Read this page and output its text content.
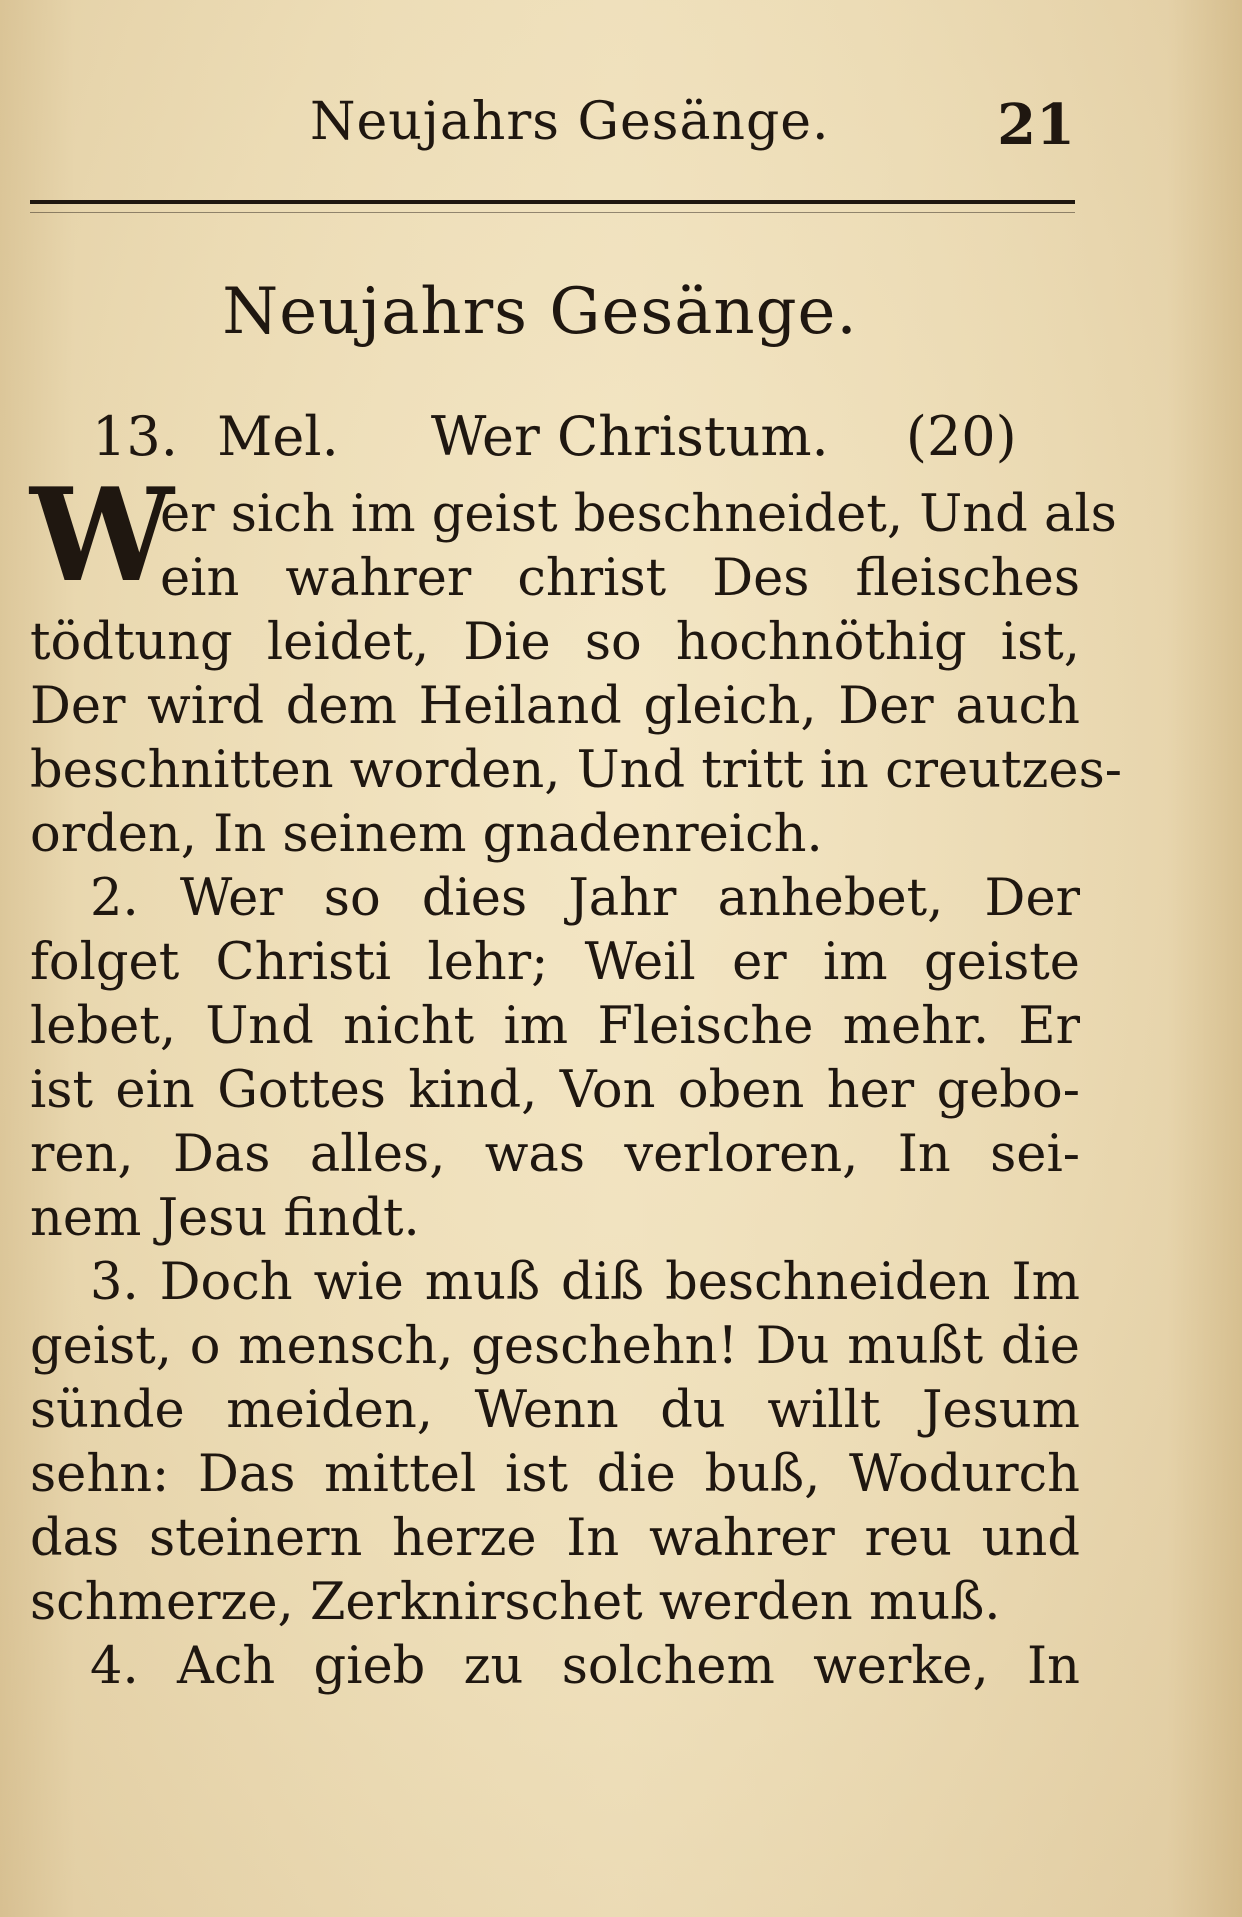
Neujahrs Gesänge.	21
Neujahrs Gesänge.
13. Mel. Wer Christum. (20)
W
er sich im geist beschneidet, Und als
ein wahrer christ Des fleisches
tödtung leidet, Die so hochnöthig ist,
Der wird dem Heiland gleich, Der auch
beschnitten worden, Und tritt in creutzes-
orden, In seinem gnadenreich.
2. Wer so dies Jahr anhebet, Der
folget Christi lehr; Weil er im geiste
lebet, Und nicht im Fleische mehr. Er
ist ein Gottes kind, Von oben her gebo-
ren, Das alles, was verloren, In sei-
nem Jesu findt.
3. Doch wie muß diß beschneiden Im
geist, o mensch, geschehn! Du mußt die
sünde meiden, Wenn du willt Jesum
sehn: Das mittel ist die buß, Wodurch
das steinern herze In wahrer reu und
schmerze, Zerknirschet werden muß.
4. Ach gieb zu solchem werke, In
